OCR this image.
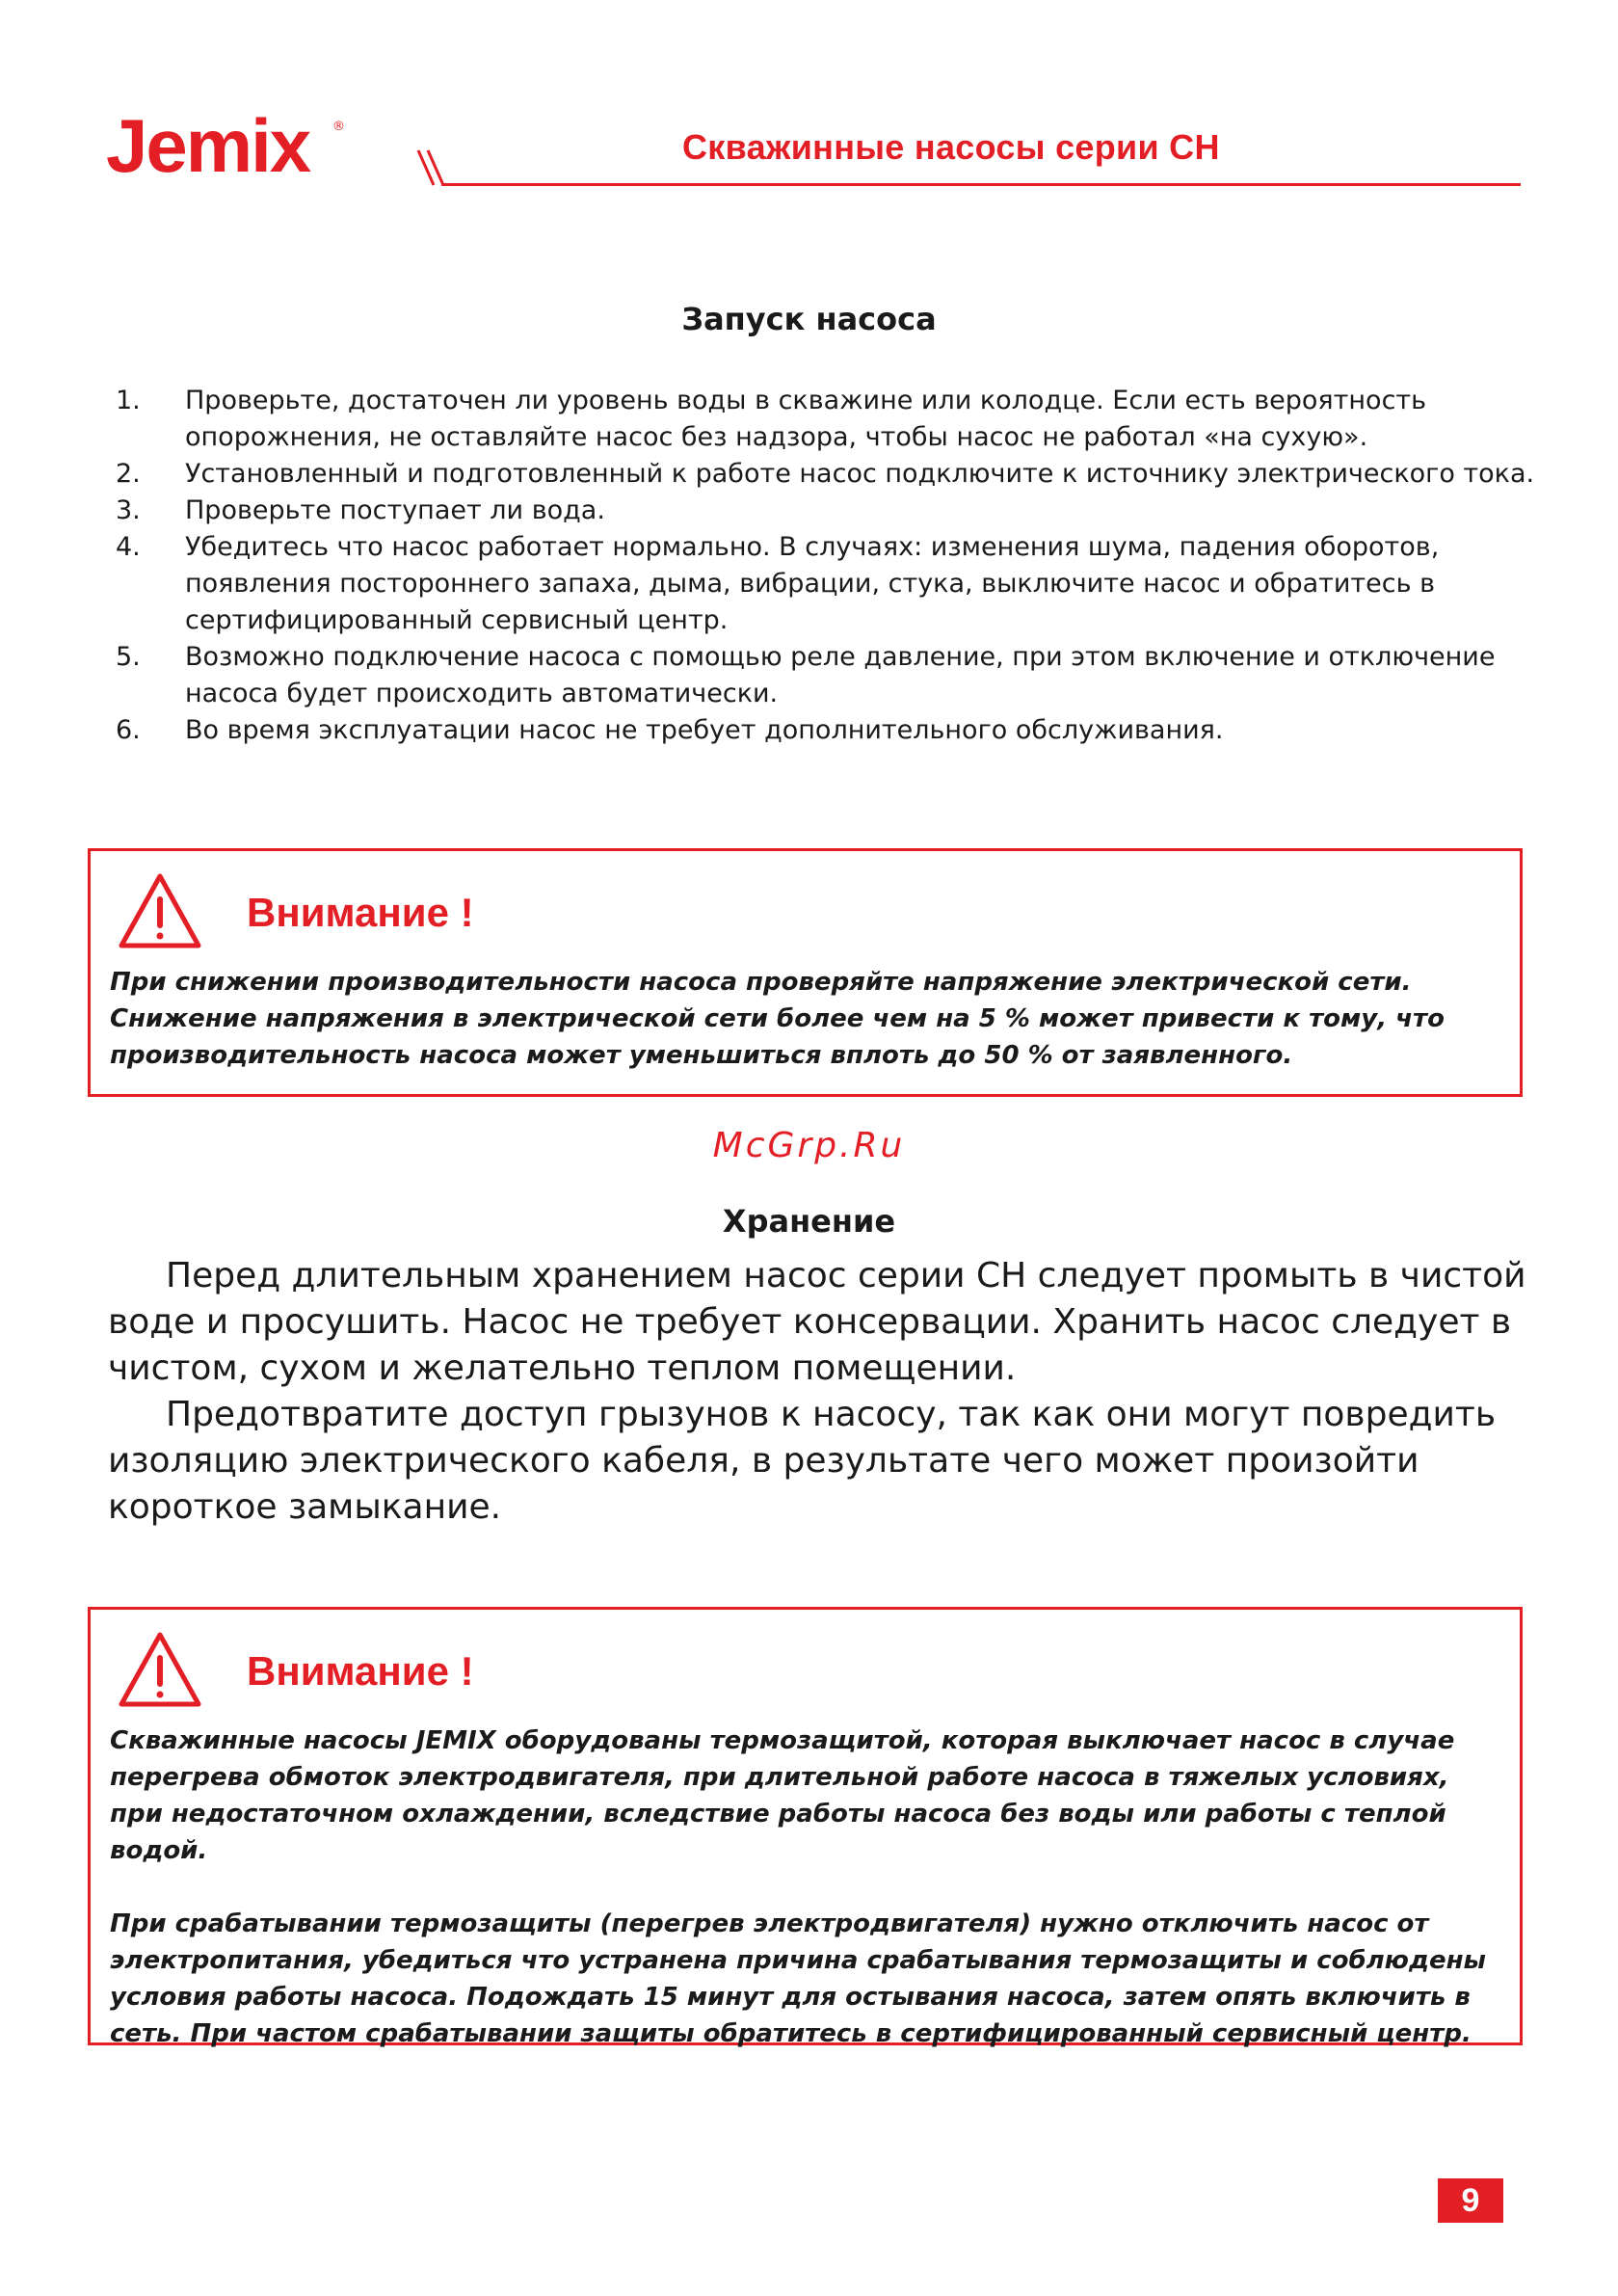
Jemix ®
Скважинные насосы серии СН
Запуск насоса
1. Проверьте, достаточен ли уровень воды в скважине или колодце. Если есть вероятность опорожнения, не оставляйте насос без надзора, чтобы насос не работал «на сухую».
2. Установленный и подготовленный к работе насос подключите к источнику электрического тока.
3. Проверьте поступает ли вода.
4. Убедитесь что насос работает нормально. В случаях: изменения шума, падения оборотов, появления постороннего запаха, дыма, вибрации, стука, выключите насос и обратитесь в сертифицированный сервисный центр.
5. Возможно подключение насоса с помощью реле давление, при этом включение и отключение насоса будет происходить автоматически.
6. Во время эксплуатации насос не требует дополнительного обслуживания.
Внимание !

При снижении производительности насоса проверяйте напряжение электрической сети. Снижение напряжения в электрической сети более чем на 5 % может привести к тому, что производительность насоса может уменьшиться вплоть до 50 % от заявленного.

McGrp.Ru
Хранение

Перед длительным хранением насос серии СН следует промыть в чистой воде и просушить. Насос не требует консервации. Хранить насос следует в чистом, сухом и желательно теплом помещении.

Предотвратите доступ грызунов к насосу, так как они могут повредить изоляцию электрического кабеля, в результате чего может произойти короткое замыкание.

Внимание !

Скважинные насосы JEMIX оборудованы термозащитой, которая выключает насос в случае перегрева обмоток электродвигателя, при длительной работе насоса в тяжелых условиях, при недостаточном охлаждении, вследствие работы насоса без воды или работы с теплой водой.

При срабатывании термозащиты (перегрев электродвигателя) нужно отключить насос от электропитания, убедиться что устранена причина срабатывания термозащиты и соблюдены условия работы насоса. Подождать 15 минут для остывания насоса, затем опять включить в сеть. При частом срабатывании защиты обратитесь в сертифицированный сервисный центр.

9
